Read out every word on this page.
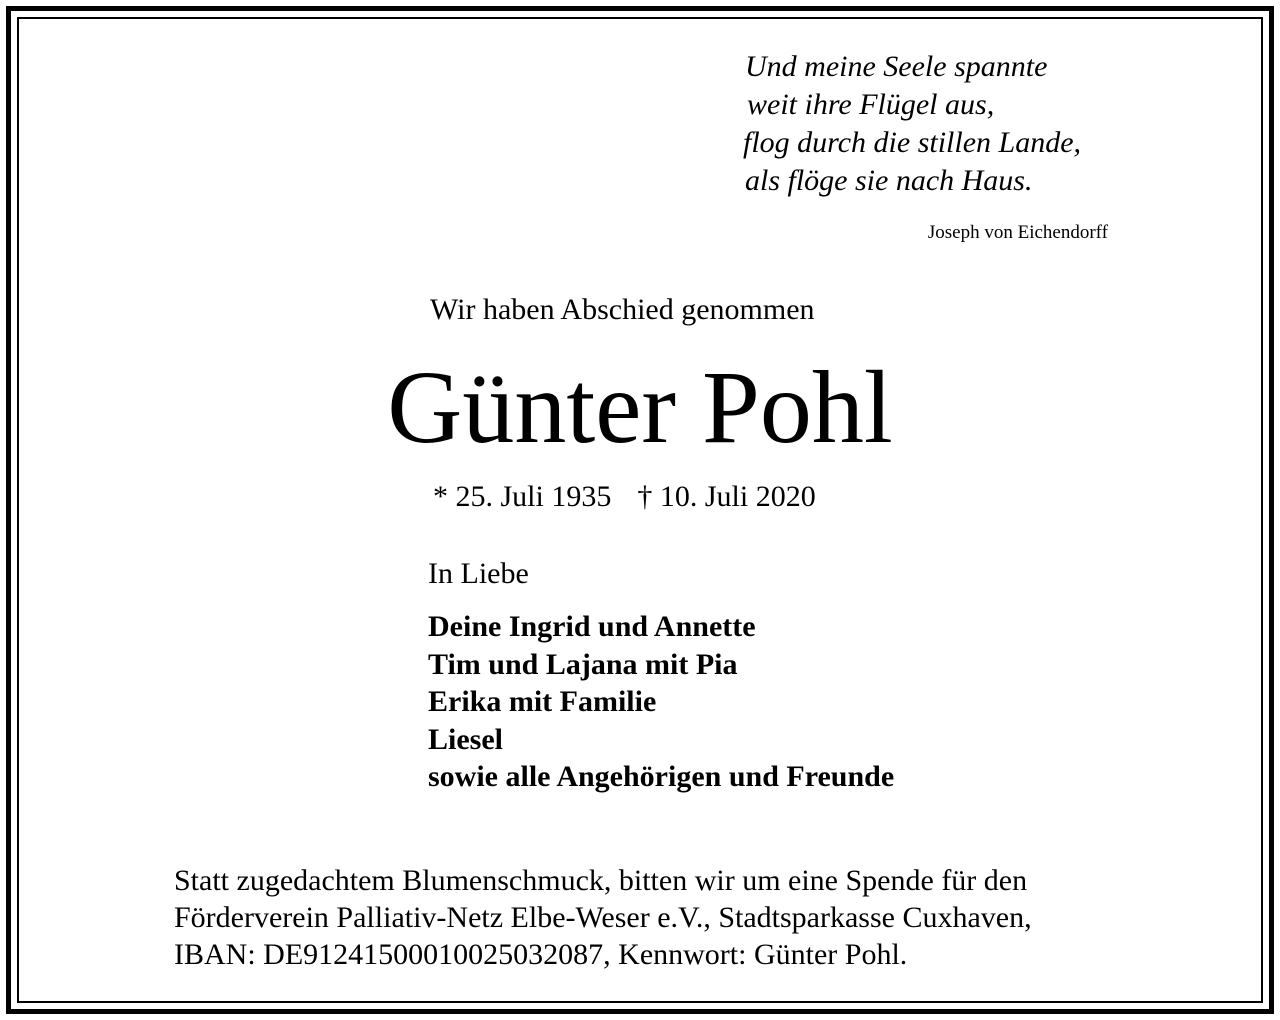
Und meine Seele spannte
weit ihre Flügel aus,
flog durch die stillen Lande,
als flöge sie nach Haus.
Joseph von Eichendorff
Wir haben Abschied genommen
Günter Pohl
* 25. Juli 1935 † 10. Juli 2020
In Liebe
Deine Ingrid und Annette
Tim und Lajana mit Pia
Erika mit Familie
Liesel
sowie alle Angehörigen und Freunde
Statt zugedachtem Blumenschmuck, bitten wir um eine Spende für den
Förderverein Palliativ-Netz Elbe-Weser e.V., Stadtsparkasse Cuxhaven,
IBAN: DE91241500010025032087, Kennwort: Günter Pohl.
